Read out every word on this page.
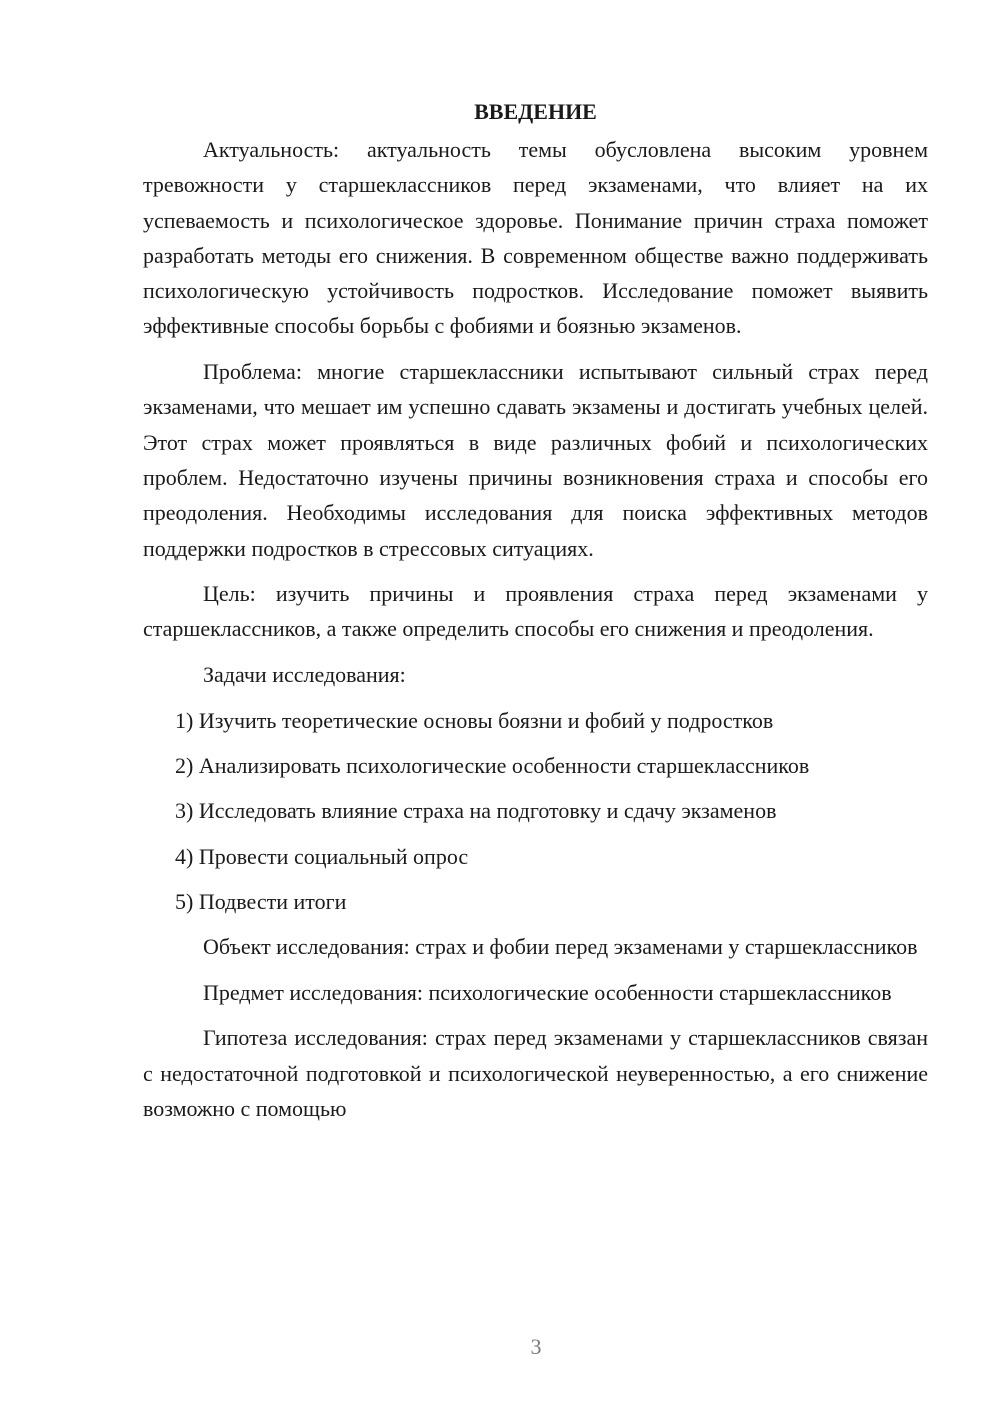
ВВЕДЕНИЕ

Актуальность: актуальность темы обусловлена высоким уровнем тревожности у старшеклассников перед экзаменами, что влияет на их успеваемость и психологическое здоровье. Понимание причин страха поможет разработать методы его снижения. В современном обществе важно поддерживать психологическую устойчивость подростков. Исследование поможет выявить эффективные способы борьбы с фобиями и боязнью экзаменов.

Проблема: многие старшеклассники испытывают сильный страх перед экзаменами, что мешает им успешно сдавать экзамены и достигать учебных целей. Этот страх может проявляться в виде различных фобий и психологических проблем. Недостаточно изучены причины возникновения страха и способы его преодоления. Необходимы исследования для поиска эффективных методов поддержки подростков в стрессовых ситуациях.

Цель: изучить причины и проявления страха перед экзаменами у старшеклассников, а также определить способы его снижения и преодоления.

Задачи исследования:

1) Изучить теоретические основы боязни и фобий у подростков
2) Анализировать психологические особенности старшеклассников
3) Исследовать влияние страха на подготовку и сдачу экзаменов
4) Провести социальный опрос
5) Подвести итоги

Объект исследования: страх и фобии перед экзаменами у старшеклассников

Предмет исследования: психологические особенности старшеклассников

Гипотеза исследования: страх перед экзаменами у старшеклассников связан с недостаточной подготовкой и психологической неуверенностью, а его снижение возможно с помощью

3
